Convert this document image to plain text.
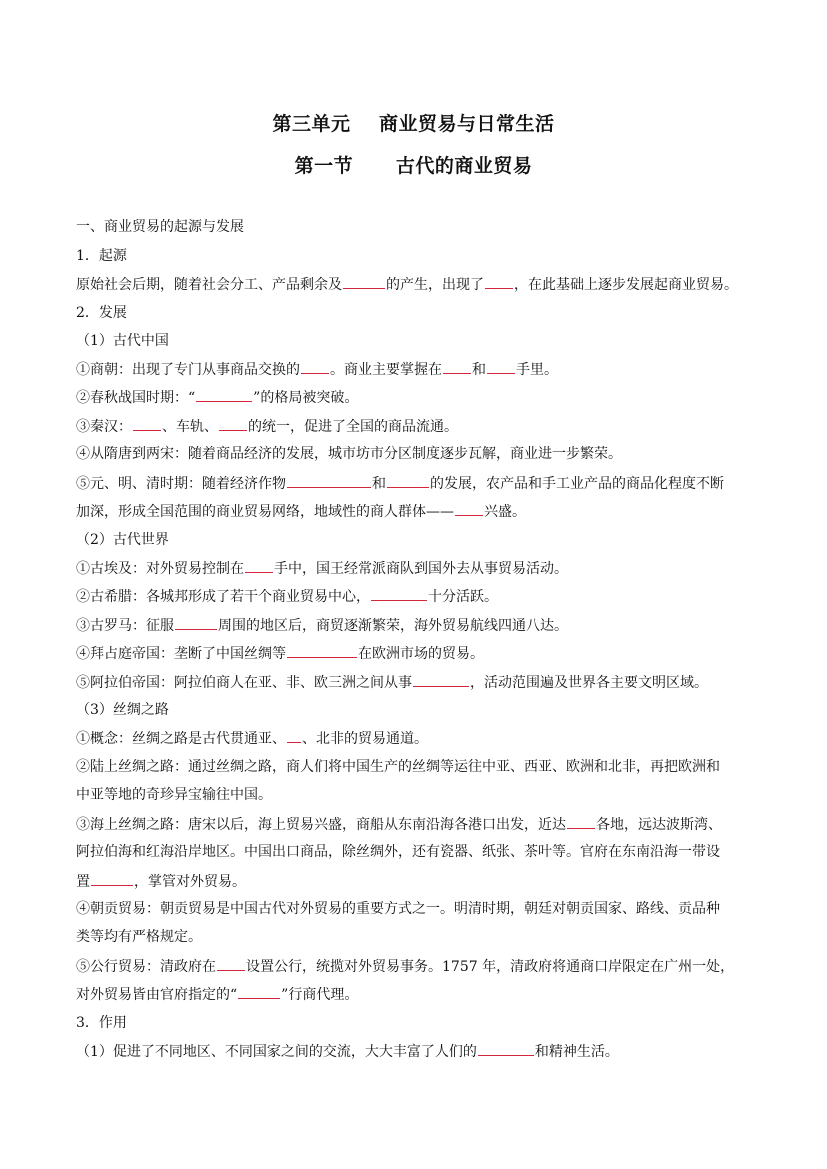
第三单元    商业贸易与日常生活
第一节      古代的商业贸易
一、商业贸易的起源与发展
1．起源
原始社会后期，随着社会分工、产品剩余及	的产生，出现了 ，在此基础上逐步发展起商业贸易。
2．发展
（1）古代中国
①商朝：出现了专门从事商品交换的 。商业主要掌握在 和 手里。
②春秋战国时期：“	”的格局被突破。
③秦汉： 、车轨、 的统一，促进了全国的商品流通。
④从隋唐到两宋：随着商品经济的发展，城市坊市分区制度逐步瓦解，商业进一步繁荣。
⑤元、明、清时期：随着经济作物	和	的发展，农产品和手工业产品的商品化程度不断
加深，形成全国范围的商业贸易网络，地域性的商人群体—— 兴盛。
（2）古代世界
①古埃及：对外贸易控制在 手中，国王经常派商队到国外去从事贸易活动。
②古希腊：各城邦形成了若干个商业贸易中心，	十分活跃。
③古罗马：征服	周围的地区后，商贸逐渐繁荣，海外贸易航线四通八达。
④拜占庭帝国：垄断了中国丝绸等	在欧洲市场的贸易。
⑤阿拉伯帝国：阿拉伯商人在亚、非、欧三洲之间从事	，活动范围遍及世界各主要文明区域。
（3）丝绸之路
①概念：丝绸之路是古代贯通亚、 、北非的贸易通道。
②陆上丝绸之路：通过丝绸之路，商人们将中国生产的丝绸等运往中亚、西亚、欧洲和北非，再把欧洲和
中亚等地的奇珍异宝输往中国。
③海上丝绸之路：唐宋以后，海上贸易兴盛，商船从东南沿海各港口出发，近达 各地，远达波斯湾、
阿拉伯海和红海沿岸地区。中国出口商品，除丝绸外，还有瓷器、纸张、茶叶等。官府在东南沿海一带设
置	，掌管对外贸易。
④朝贡贸易：朝贡贸易是中国古代对外贸易的重要方式之一。明清时期，朝廷对朝贡国家、路线、贡品种
类等均有严格规定。
⑤公行贸易：清政府在 设置公行，统揽对外贸易事务。1757 年，清政府将通商口岸限定在广州一处，
对外贸易皆由官府指定的“	”行商代理。
3．作用
（1）促进了不同地区、不同国家之间的交流，大大丰富了人们的	和精神生活。
